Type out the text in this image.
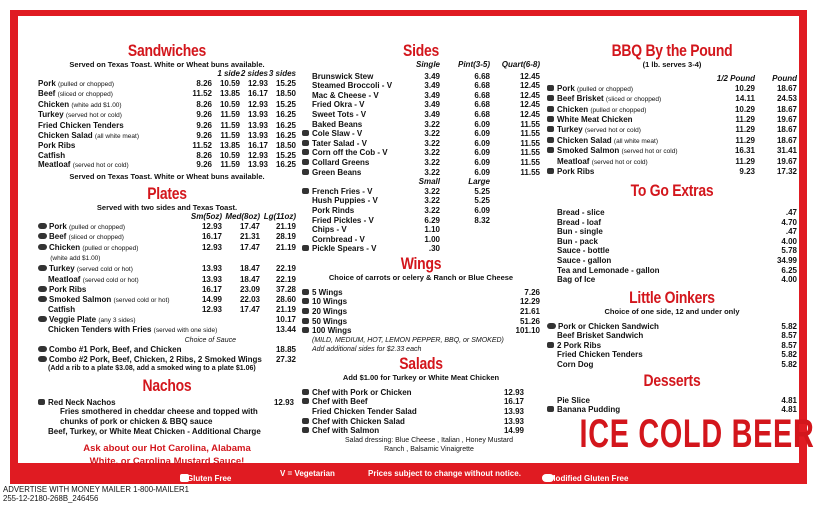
Sandwiches
Served on Texas Toast. White or Wheat buns available.
1 side 2 sides 3 sides
Pork (pulled or chopped)	8.26 10.59 12.93 15.25
Beef (sliced or chopped)	11.52 13.85 16.17 18.50
Chicken (white add $1.00)	8.26 10.59 12.93 15.25
Turkey (served hot or cold)	9.26	11.59 13.93 16.25
Fried Chicken Tenders	9.26	11.59 13.93 16.25
Chicken Salad (all white meat)	9.26	11.59 13.93 16.25
Pork Ribs	11.52 13.85 16.17 18.50
Catfish	8.26 10.59 12.93 15.25
Meatloaf (served hot or cold)	9.26	11.59 13.93 16.25
Served on Texas Toast. White or Wheat buns available.
Plates
Served with two sides and Texas Toast.
Sm(5oz) Med(8oz) Lg(11oz)
Pork (pulled or chopped)	12.93	17.47	21.19
Beef (sliced or chopped)	16.17	21.31	28.19
Chicken (pulled or chopped)	12.93	17.47	21.19
(white add $1.00)
Turkey (served cold or hot)	13.93	18.47	22.19
Meatloaf (served cold or hot)	13.93	18.47	22.19
Pork Ribs	16.17	23.09	37.28
Smoked Salmon (served cold or hot)	14.99	22.03	28.60
Catfish	12.93	17.47	21.19
Veggie Plate (any 3 sides)	10.17
Chicken Tenders with Fries (served with one side)	13.44
Choice of Sauce
Combo #1 Pork, Beef, and Chicken	18.85
Combo #2 Pork, Beef, Chicken, 2 Ribs, 2 Smoked Wings	27.32
(Add a rib to a plate $3.08, add a smoked wing to a plate $1.06)
Nachos
Red Neck Nachos	12.93
Fries smothered in cheddar cheese and topped with
chunks of pork or chicken & BBQ sauce
Beef, Turkey, or White Meat Chicken - Additional Charge
Ask about our Hot Carolina, Alabama
White, or Carolina Mustard Sauce!
Sides
Single	Pint(3-5)	Quart(6-8)
Brunswick Stew	3.49	6.68	12.45
Steamed Broccoli - V	3.49	6.68	12.45
Mac & Cheese - V	3.49	6.68	12.45
Fried Okra - V	3.49	6.68	12.45
Sweet Tots - V	3.49	6.68	12.45
Baked Beans	3.22	6.09	11.55
Cole Slaw - V	3.22	6.09	11.55
Tater Salad - V	3.22	6.09	11.55
Corn off the Cob - V	3.22	6.09	11.55
Collard Greens	3.22	6.09	11.55
Green Beans	3.22	6.09	11.55
Small	Large
French Fries - V	3.22	5.25
Hush Puppies - V	3.22	5.25
Pork Rinds	3.22	6.09
Fried Pickles - V	6.29	8.32
Chips - V	1.10
Cornbread - V	1.00
Pickle Spears - V	.30
Wings
Choice of carrots or celery & Ranch or Blue Cheese
5 Wings	7.26
10 Wings	12.29
20 Wings	21.61
50 Wings	51.26
100 Wings	101.10
(MILD, MEDIUM, HOT, LEMON PEPPER, BBQ, or SMOKED)
Add additional sides for $2.33 each
Salads
Add $1.00 for Turkey or White Meat Chicken
Chef with Pork or Chicken	12.93
Chef with Beef	16.17
Fried Chicken Tender Salad	13.93
Chef with Chicken Salad	13.93
Chef with Salmon	14.99
Salad dressing: Blue Cheese , Italian , Honey Mustard
Ranch , Balsamic Vinaigrette
BBQ By the Pound
(1 lb. serves 3-4)
1/2 Pound	Pound
Pork (pulled or chopped)	10.29	18.67
Beef Brisket (sliced or chopped)	14.11	24.53
Chicken (pulled or chopped)	10.29	18.67
White Meat Chicken	11.29	19.67
Turkey (served hot or cold)	11.29	18.67
Chicken Salad (all white meat)	11.29	18.67
Smoked Salmon (served hot or cold)	16.31	31.41
Meatloaf (served hot or cold)	11.29	19.67
Pork Ribs	9.23	17.32
To Go Extras
Bread - slice	.47
Bread - loaf	4.70
Bun - single	.47
Bun - pack	4.00
Sauce - bottle	5.78
Sauce - gallon	34.99
Tea and Lemonade - gallon	6.25
Bag of Ice	4.00
Little Oinkers
Choice of one side, 12 and under only
Pork or Chicken Sandwich	5.82
Beef Brisket Sandwich	8.57
2 Pork Ribs	8.57
Fried Chicken Tenders	5.82
Corn Dog	5.82
Desserts
Pie Slice	4.81
Banana Pudding	4.81
ICE COLD BEER
= Gluten Free	V = Vegetarian	Prices subject to change without notice.	= Modified Gluten Free
ADVERTISE WITH MONEY MAILER 1-800-MAILER1
255-12-2180-268B_246456
